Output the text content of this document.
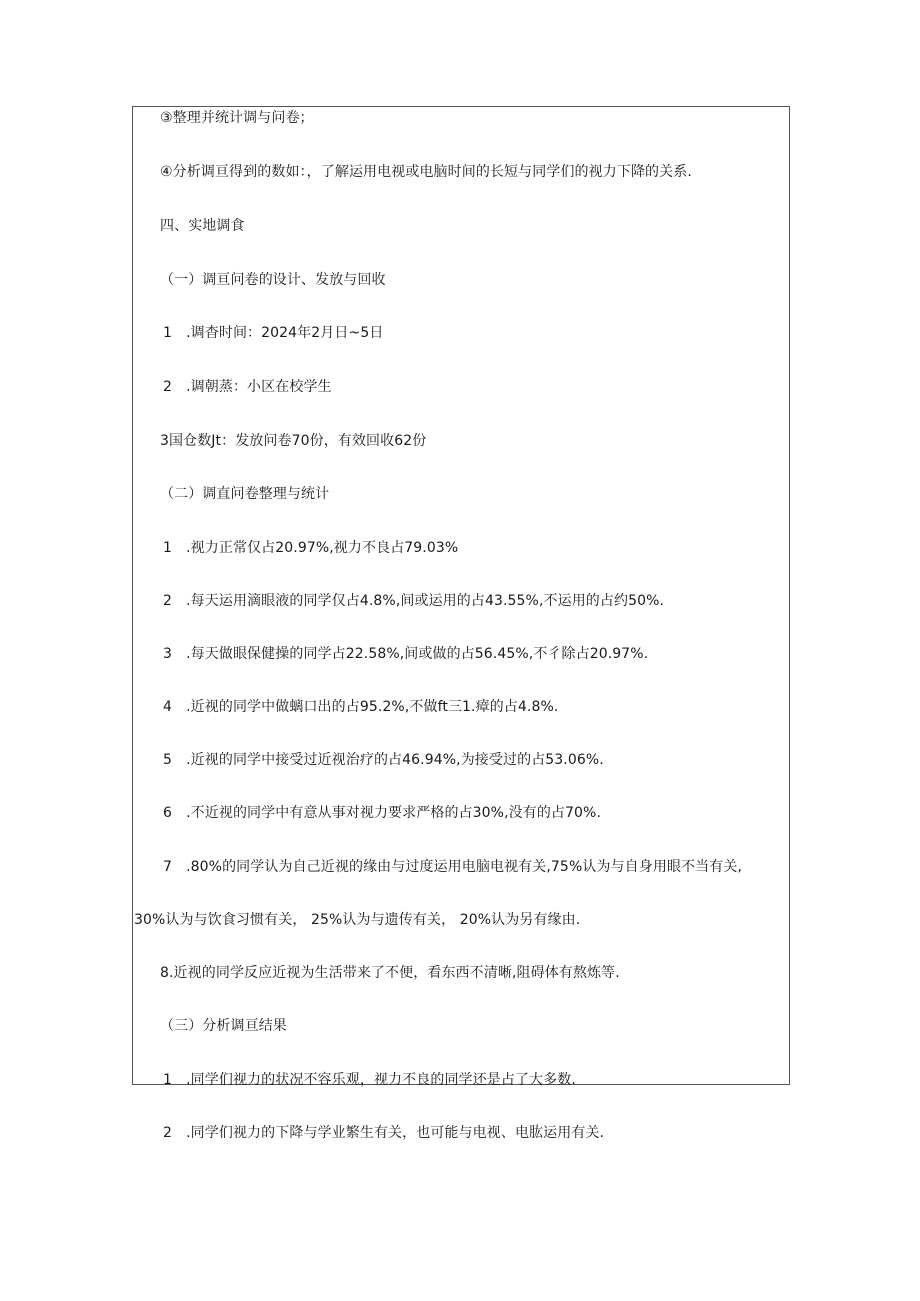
③整理并统计调与问卷；
④分析调亘得到的数如：，了解运用电视或电脑时间的长短与同学们的视力下降的关系.
四、实地调食
（一）调亘问卷的设计、发放与回收
1　.调杳时间：2024年2月日~5日
2　.调朝蒸：小区在校学生
3国仓数Jt：发放问卷70份，有效回收62份
（二）调直问卷整理与统计
1　.视力正常仅占20.97%,视力不良占79.03%
2　.每天运用滴眼液的同学仅占4.8%,间或运用的占43.55%,不运用的占约50%.
3　.每天做眼保健操的同学占22.58%,间或做的占56.45%,不彳除占20.97%.
4　.近视的同学中做螭口出的占95.2%,不做ft三1.瘴的占4.8%.
5　.近视的同学中接受过近视治疗的占46.94%,为接受过的占53.06%.
6　.不近视的同学中有意从事对视力要求严格的占30%,没有的占70%.
7　.80%的同学认为自己近视的缘由与过度运用电脑电视有关,75%认为与自身用眼不当有关,
30%认为与饮食习惯有关， 25%认为与遗传有关， 20%认为另有缘由.
8.近视的同学反应近视为生活带来了不便，看东西不清晰,阻碍体有熬炼等.
（三）分析调亘结果
1　.同学们视力的状况不容乐观，视力不良的同学还是占了大多数.
2　.同学们视力的下降与学业繁生有关，也可能与电视、电肱运用有关.
